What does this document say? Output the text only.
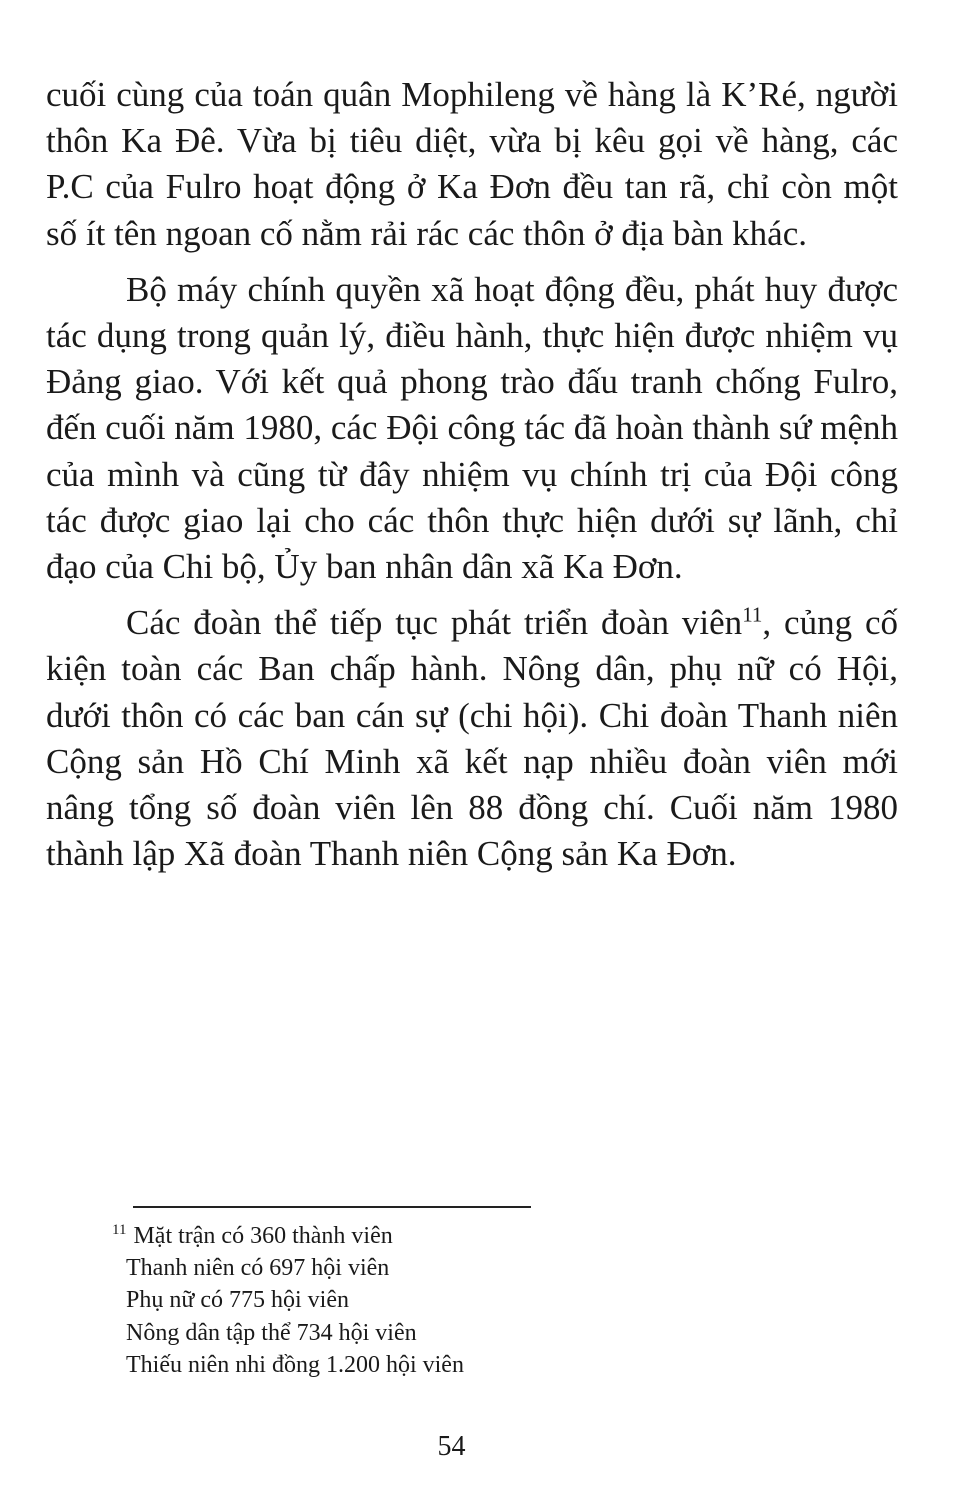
cuối cùng của toán quân Mophileng về hàng là K’Ré, người thôn Ka Đê. Vừa bị tiêu diệt, vừa bị kêu gọi về hàng, các P.C của Fulro hoạt động ở Ka Đơn đều tan rã, chỉ còn một số ít tên ngoan cố nằm rải rác các thôn ở địa bàn khác.

Bộ máy chính quyền xã hoạt động đều, phát huy được tác dụng trong quản lý, điều hành, thực hiện được nhiệm vụ Đảng giao. Với kết quả phong trào đấu tranh chống Fulro, đến cuối năm 1980, các Đội công tác đã hoàn thành sứ mệnh của mình và cũng từ đây nhiệm vụ chính trị của Đội công tác được giao lại cho các thôn thực hiện dưới sự lãnh, chỉ đạo của Chi bộ, Ủy ban nhân dân xã Ka Đơn.

Các đoàn thể tiếp tục phát triển đoàn viên$^{11}$, củng cố kiện toàn các Ban chấp hành. Nông dân, phụ nữ có Hội, dưới thôn có các ban cán sự (chi hội). Chi đoàn Thanh niên Cộng sản Hồ Chí Minh xã kết nạp nhiều đoàn viên mới nâng tổng số đoàn viên lên 88 đồng chí. Cuối năm 1980 thành lập Xã đoàn Thanh niên Cộng sản Ka Đơn.

$^{11}$ Mặt trận có 360 thành viên
Thanh niên có 697 hội viên
Phụ nữ có 775 hội viên
Nông dân tập thể 734 hội viên
Thiếu niên nhi đồng 1.200 hội viên
54
